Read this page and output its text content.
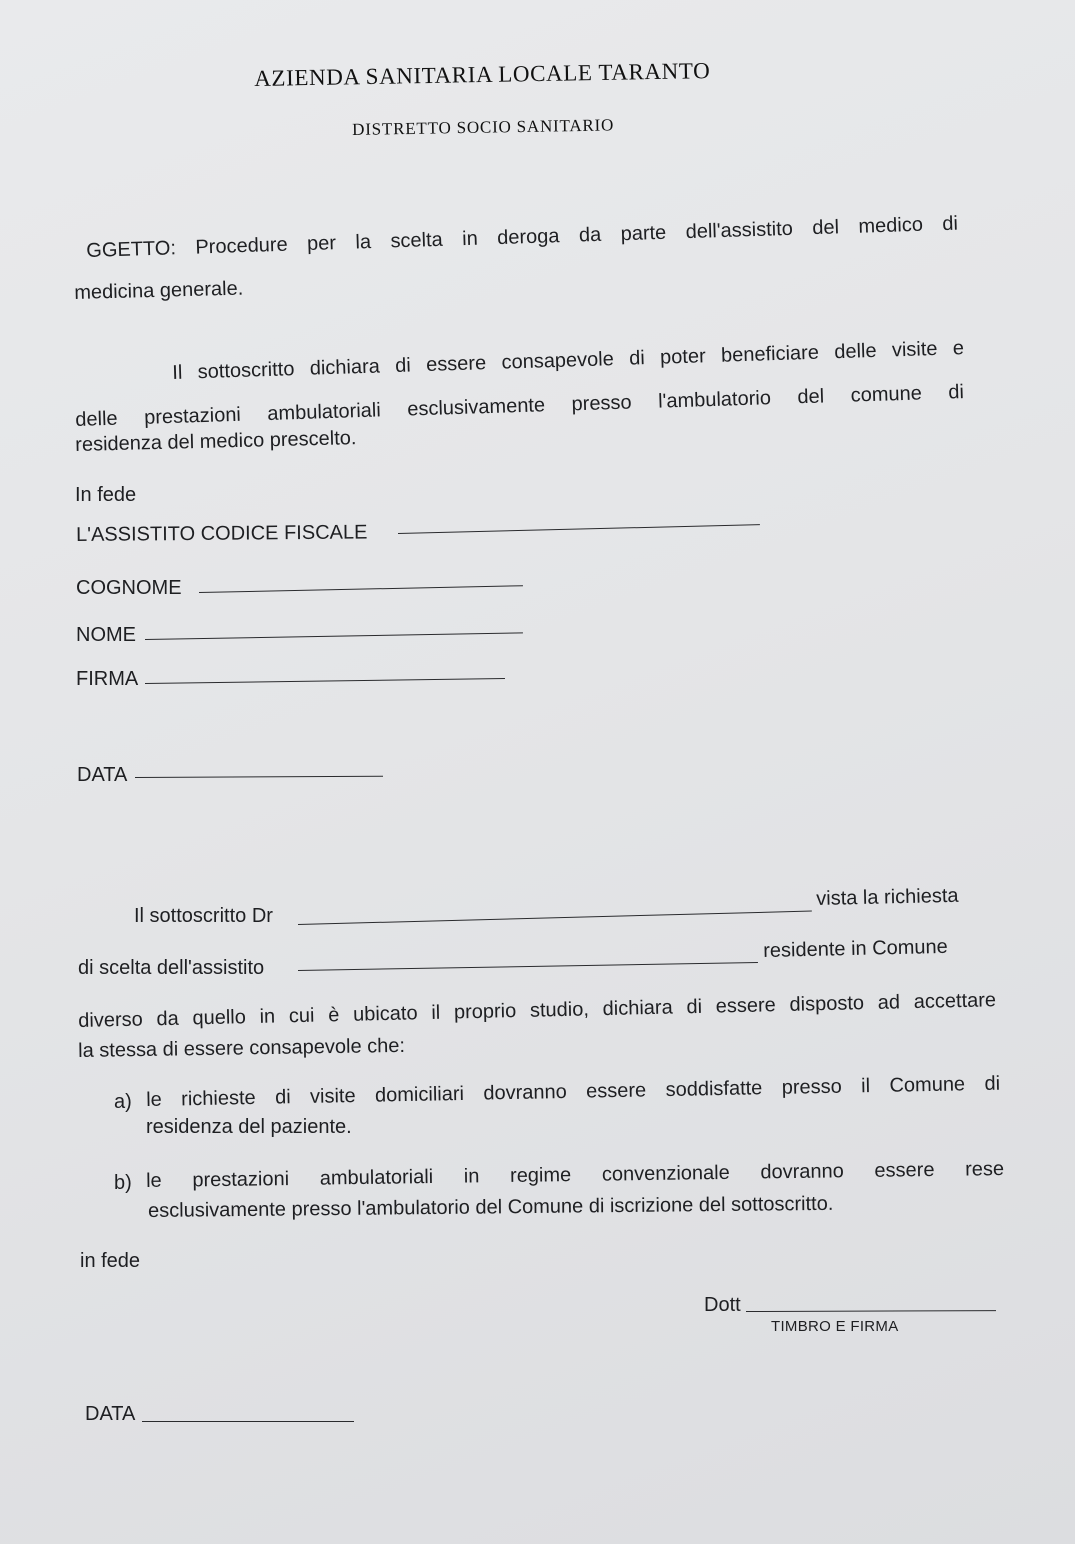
AZIENDA SANITARIA LOCALE TARANTO
DISTRETTO SOCIO SANITARIO
GGETTO: Procedure per la scelta in deroga da parte dell'assistito del medico di
medicina generale.
Il sottoscritto dichiara di essere consapevole di poter beneficiare delle visite e
delle prestazioni ambulatoriali esclusivamente presso l'ambulatorio del comune di
residenza del medico prescelto.
In fede
L'ASSISTITO CODICE FISCALE
COGNOME
NOME
FIRMA
DATA
Il sottoscritto Dr
vista la richiesta
di scelta dell'assistito
residente in Comune
diverso da quello in cui è ubicato il proprio studio, dichiara di essere disposto ad accettare
la stessa di essere consapevole che:
a) le richieste di visite domiciliari dovranno essere soddisfatte presso il Comune di
residenza del paziente.
b) le prestazioni ambulatoriali in regime convenzionale dovranno essere rese
esclusivamente presso l'ambulatorio del Comune di iscrizione del sottoscritto.
in fede
Dott
TIMBRO E FIRMA
DATA
